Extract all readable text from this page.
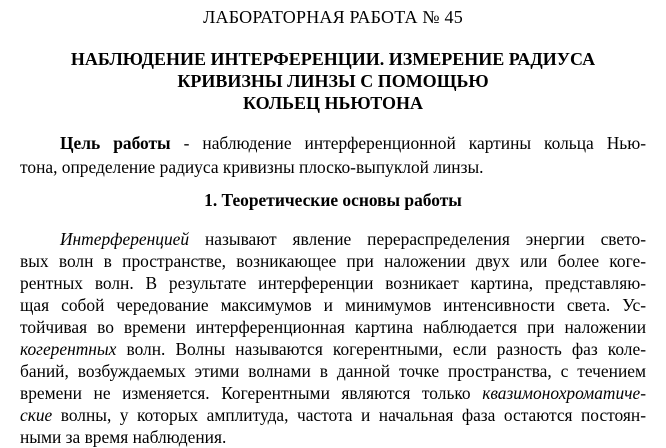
ЛАБОРАТОРНАЯ РАБОТА № 45
НАБЛЮДЕНИЕ ИНТЕРФЕРЕНЦИИ. ИЗМЕРЕНИЕ РАДИУСА
КРИВИЗНЫ ЛИНЗЫ С ПОМОЩЬЮ
КОЛЬЕЦ НЬЮТОНА
Цель работы - наблюдение интерференционной картины кольца Нью-
тона, определение радиуса кривизны плоско-выпуклой линзы.
1. Теоретические основы работы
Интерференцией называют явление перераспределения энергии свето-
вых волн в пространстве, возникающее при наложении двух или более коге-
рентных волн. В результате интерференции возникает картина, представляю-
щая собой чередование максимумов и минимумов интенсивности света. Ус-
тойчивая во времени интерференционная картина наблюдается при наложении
когерентных волн. Волны называются когерентными, если разность фаз коле-
баний, возбуждаемых этими волнами в данной точке пространства, с течением
времени не изменяется. Когерентными являются только квазимонохроматиче-
ские волны, у которых амплитуда, частота и начальная фаза остаются постоян-
ными за время наблюдения.
